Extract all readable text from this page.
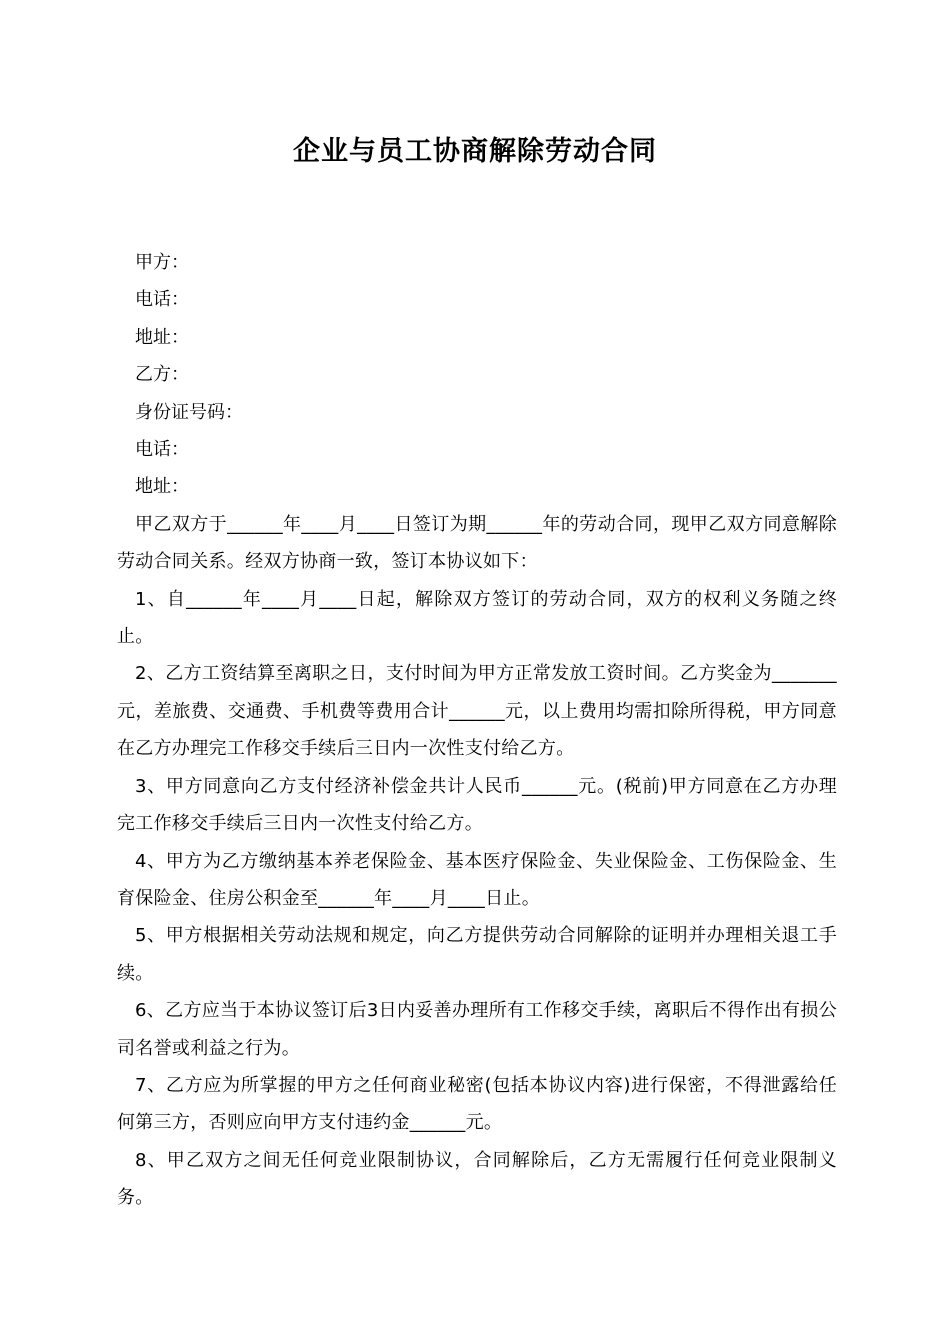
企业与员工协商解除劳动合同

甲方：

电话：

地址：

乙方：

身份证号码：

电话：

地址：

甲乙双方于______年____月____日签订为期______年的劳动合同，现甲乙双方同意解除劳动合同关系。经双方协商一致，签订本协议如下：

1、自______年____月____日起，解除双方签订的劳动合同，双方的权利义务随之终止。

2、乙方工资结算至离职之日，支付时间为甲方正常发放工资时间。乙方奖金为_______元，差旅费、交通费、手机费等费用合计______元，以上费用均需扣除所得税，甲方同意在乙方办理完工作移交手续后三日内一次性支付给乙方。

3、甲方同意向乙方支付经济补偿金共计人民币______元。(税前)甲方同意在乙方办理完工作移交手续后三日内一次性支付给乙方。

4、甲方为乙方缴纳基本养老保险金、基本医疗保险金、失业保险金、工伤保险金、生育保险金、住房公积金至______年____月____日止。

5、甲方根据相关劳动法规和规定，向乙方提供劳动合同解除的证明并办理相关退工手续。

6、乙方应当于本协议签订后3日内妥善办理所有工作移交手续，离职后不得作出有损公司名誉或利益之行为。

7、乙方应为所掌握的甲方之任何商业秘密(包括本协议内容)进行保密，不得泄露给任何第三方，否则应向甲方支付违约金______元。

8、甲乙双方之间无任何竞业限制协议，合同解除后，乙方无需履行任何竞业限制义务。
